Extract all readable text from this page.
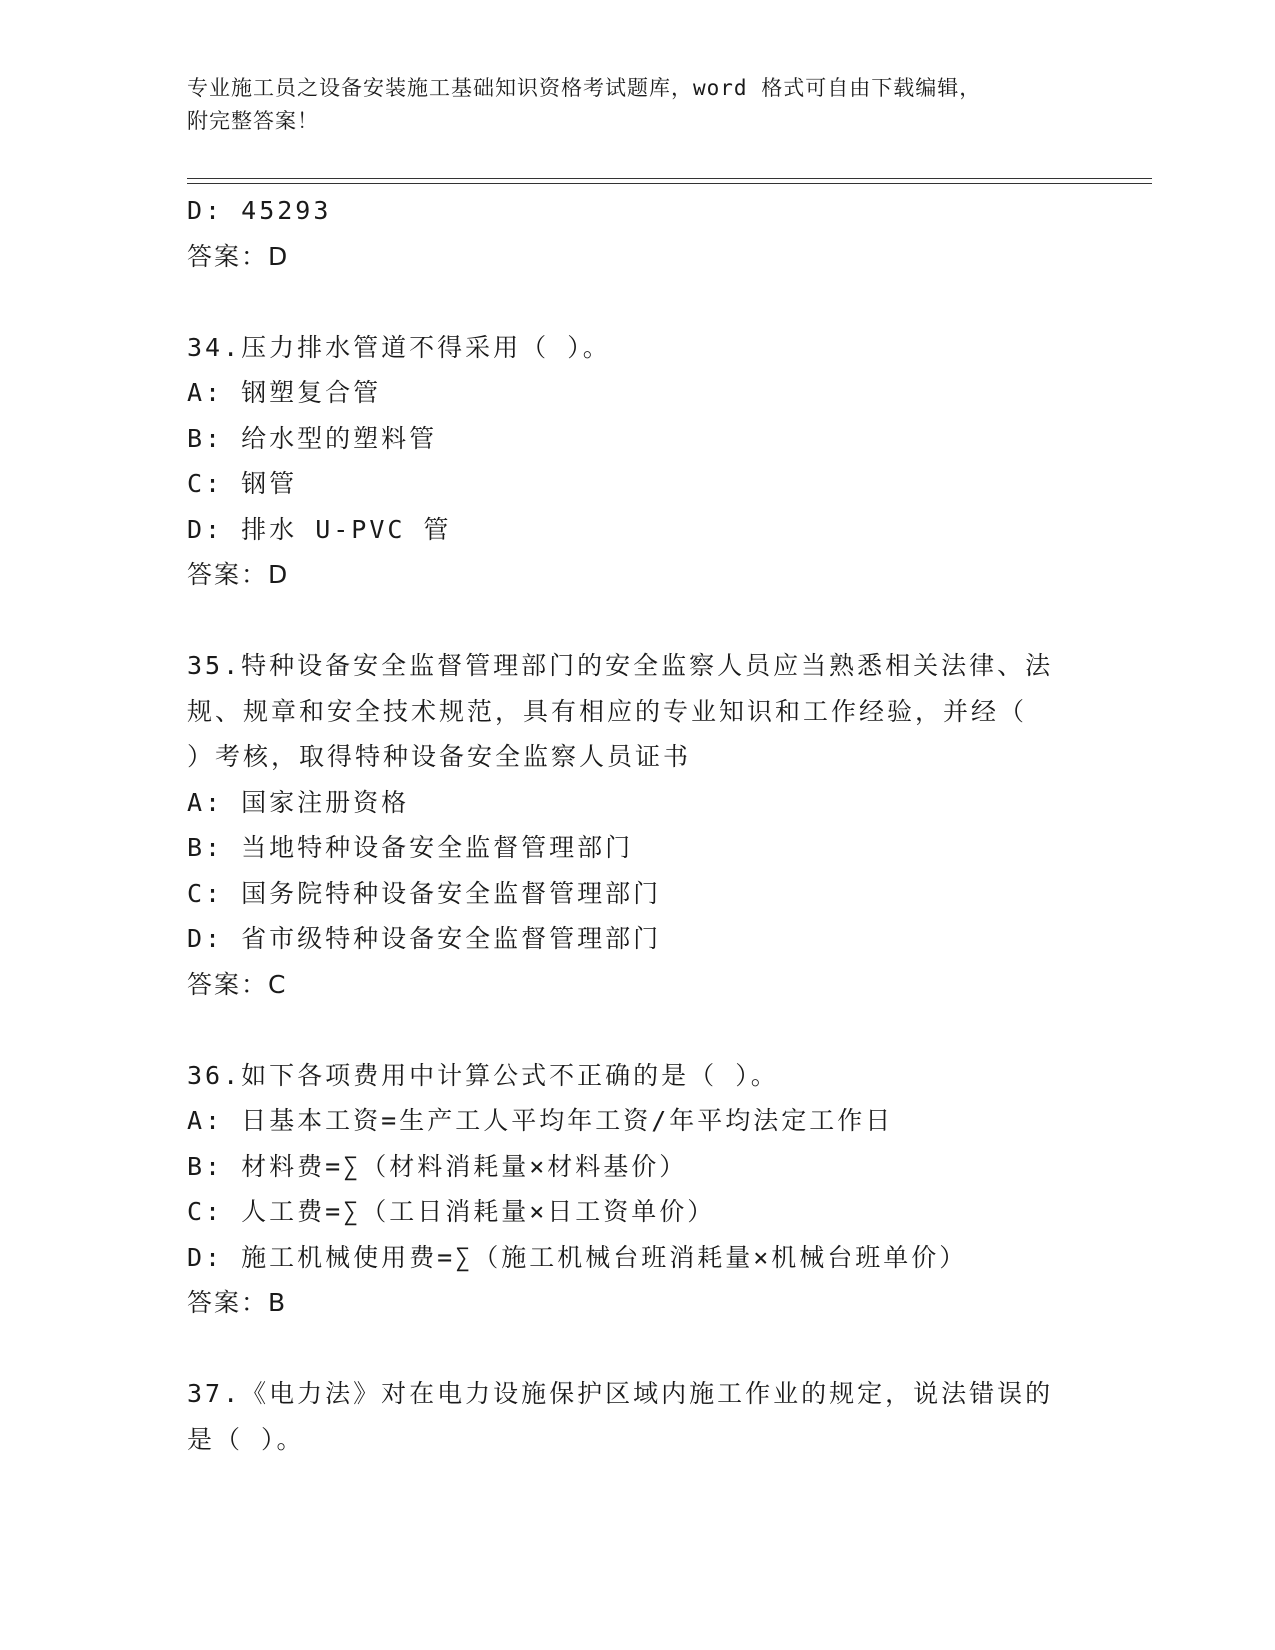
专业施工员之设备安装施工基础知识资格考试题库，word 格式可自由下载编辑，
附完整答案！
D: 45293
答案：D
34.压力排水管道不得采用（ ）。
A: 钢塑复合管
B: 给水型的塑料管
C: 钢管
D: 排水 U-PVC 管
答案：D
35.特种设备安全监督管理部门的安全监察人员应当熟悉相关法律、法
规、规章和安全技术规范，具有相应的专业知识和工作经验，并经（
）考核，取得特种设备安全监察人员证书
A: 国家注册资格
B: 当地特种设备安全监督管理部门
C: 国务院特种设备安全监督管理部门
D: 省市级特种设备安全监督管理部门
答案：C
36.如下各项费用中计算公式不正确的是（ ）。
A: 日基本工资=生产工人平均年工资/年平均法定工作日
B: 材料费=∑（材料消耗量×材料基价）
C: 人工费=∑（工日消耗量×日工资单价）
D: 施工机械使用费=∑（施工机械台班消耗量×机械台班单价）
答案：B
37.《电力法》对在电力设施保护区域内施工作业的规定，说法错误的
是（ ）。
